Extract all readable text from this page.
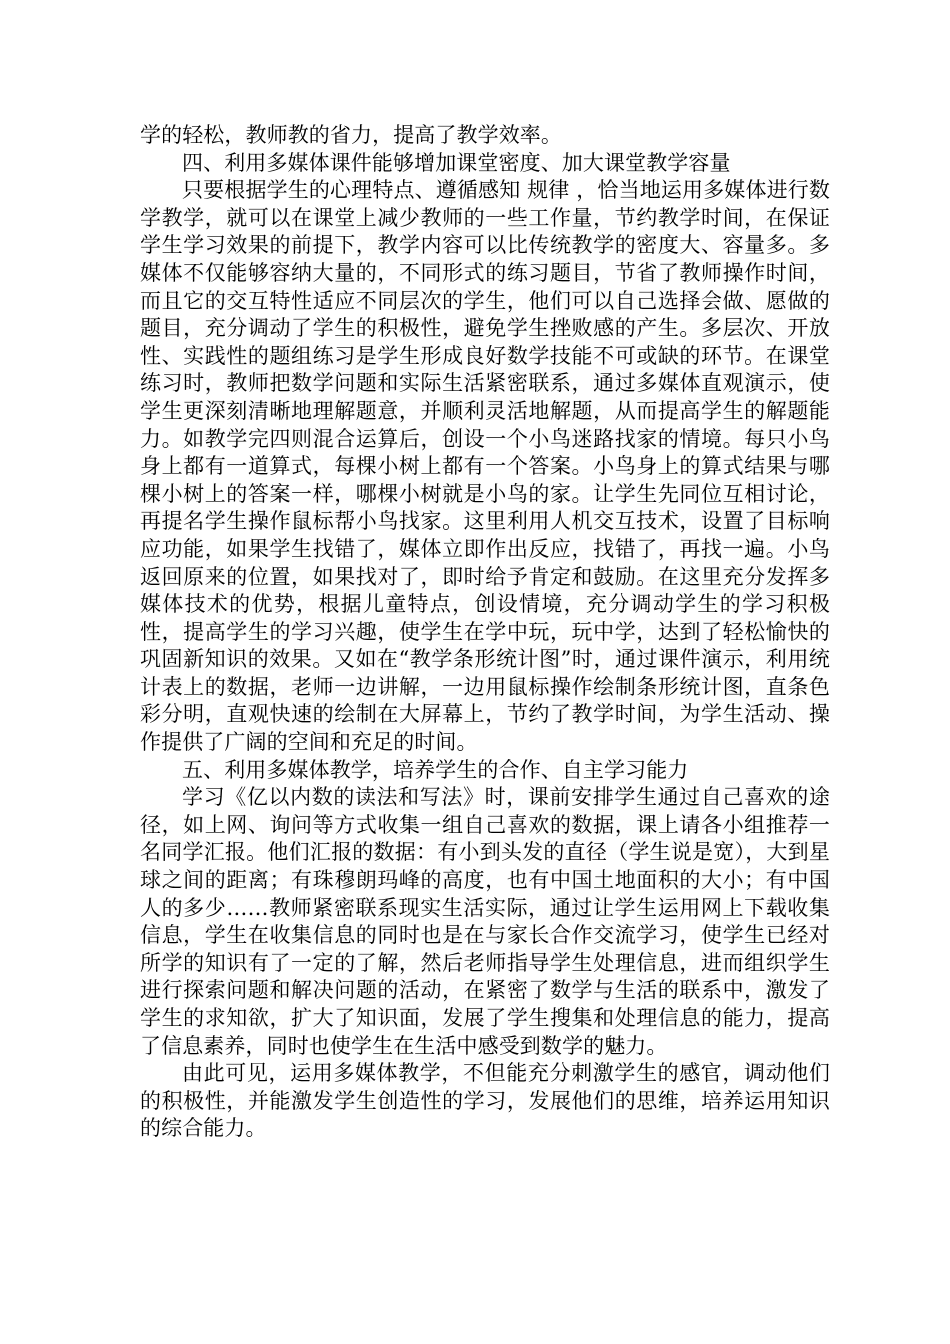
学的轻松，教师教的省力，提高了教学效率。

四、利用多媒体课件能够增加课堂密度、加大课堂教学容量

只要根据学生的心理特点、遵循感知 规律 ，恰当地运用多媒体进行数学教学，就可以在课堂上减少教师的一些工作量，节约教学时间，在保证学生学习效果的前提下，教学内容可以比传统教学的密度大、容量多。多媒体不仅能够容纳大量的，不同形式的练习题目，节省了教师操作时间，而且它的交互特性适应不同层次的学生，他们可以自己选择会做、愿做的题目，充分调动了学生的积极性，避免学生挫败感的产生。多层次、开放性、实践性的题组练习是学生形成良好数学技能不可或缺的环节。在课堂练习时，教师把数学问题和实际生活紧密联系，通过多媒体直观演示，使学生更深刻清晰地理解题意，并顺利灵活地解题，从而提高学生的解题能力。如教学完四则混合运算后，创设一个小鸟迷路找家的情境。每只小鸟身上都有一道算式，每棵小树上都有一个答案。小鸟身上的算式结果与哪棵小树上的答案一样，哪棵小树就是小鸟的家。让学生先同位互相讨论，再提名学生操作鼠标帮小鸟找家。这里利用人机交互技术，设置了目标响应功能，如果学生找错了，媒体立即作出反应，找错了，再找一遍。小鸟返回原来的位置，如果找对了，即时给予肯定和鼓励。在这里充分发挥多媒体技术的优势，根据儿童特点，创设情境，充分调动学生的学习积极性，提高学生的学习兴趣，使学生在学中玩，玩中学，达到了轻松愉快的巩固新知识的效果。又如在“教学条形统计图”时，通过课件演示，利用统计表上的数据，老师一边讲解，一边用鼠标操作绘制条形统计图，直条色彩分明，直观快速的绘制在大屏幕上，节约了教学时间，为学生活动、操作提供了广阔的空间和充足的时间。

五、利用多媒体教学，培养学生的合作、自主学习能力

学习《亿以内数的读法和写法》时，课前安排学生通过自己喜欢的途径，如上网、询问等方式收集一组自己喜欢的数据，课上请各小组推荐一名同学汇报。他们汇报的数据：有小到头发的直径（学生说是宽），大到星球之间的距离；有珠穆朗玛峰的高度，也有中国土地面积的大小；有中国人的多少……教师紧密联系现实生活实际，通过让学生运用网上下载收集信息，学生在收集信息的同时也是在与家长合作交流学习，使学生已经对所学的知识有了一定的了解，然后老师指导学生处理信息，进而组织学生进行探索问题和解决问题的活动，在紧密了数学与生活的联系中，激发了学生的求知欲，扩大了知识面，发展了学生搜集和处理信息的能力，提高了信息素养，同时也使学生在生活中感受到数学的魅力。

由此可见，运用多媒体教学，不但能充分刺激学生的感官，调动他们的积极性，并能激发学生创造性的学习，发展他们的思维，培养运用知识的综合能力。
